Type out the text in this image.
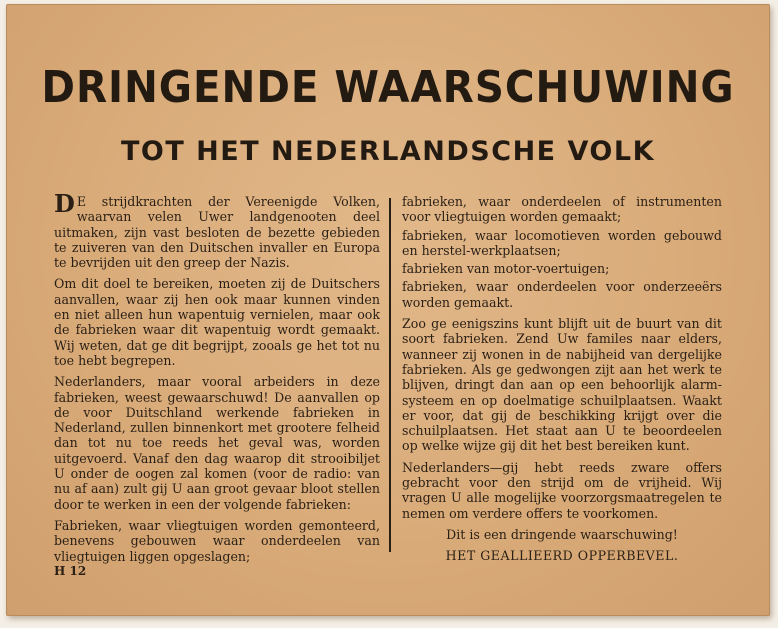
DRINGENDE WAARSCHUWING
TOT HET NEDERLANDSCHE VOLK

D E strijdkrachten der Vereenigde Volken, waarvan velen Uwer landgenooten deel uitmaken, zijn vast besloten de bezette gebieden te zuiveren van den Duitschen invaller en Europa te bevrijden uit den greep der Nazis.

Om dit doel te bereiken, moeten zij de Duitschers aanvallen, waar zij hen ook maar kunnen vinden en niet alleen hun wapentuig vernielen, maar ook de fabrieken waar dit wapentuig wordt gemaakt. Wij weten, dat ge dit begrijpt, zooals ge het tot nu toe hebt begrepen.

Nederlanders, maar vooral arbeiders in deze fabrieken, weest gewaarschuwd! De aanvallen op de voor Duitschland werkende fabrieken in Nederland, zullen binnenkort met grootere felheid dan tot nu toe reeds het geval was, worden uitgevoerd. Vanaf den dag waarop dit strooibiljet U onder de oogen zal komen (voor de radio: van nu af aan) zult gij U aan groot gevaar bloot stellen door te werken in een der volgende fabrieken:

Fabrieken, waar vliegtuigen worden gemonteerd, benevens gebouwen waar onderdeelen van vliegtuigen liggen opgeslagen;

fabrieken, waar onderdeelen of instrumenten voor vliegtuigen worden gemaakt;

fabrieken, waar locomotieven worden gebouwd en herstel-werkplaatsen;

fabrieken van motor-voertuigen;

fabrieken, waar onderdeelen voor onderzeeërs worden gemaakt.

Zoo ge eenigszins kunt blijft uit de buurt van dit soort fabrieken. Zend Uw familes naar elders, wanneer zij wonen in de nabijheid van dergelijke fabrieken. Als ge gedwongen zijt aan het werk te blijven, dringt dan aan op een behoorlijk alarm-systeem en op doelmatige schuilplaatsen. Waakt er voor, dat gij de beschikking krijgt over die schuilplaatsen. Het staat aan U te beoordeelen op welke wijze gij dit het best bereiken kunt.

Nederlanders—gij hebt reeds zware offers gebracht voor den strijd om de vrijheid. Wij vragen U alle mogelijke voorzorgsmaatregelen te nemen om verdere offers te voorkomen.

Dit is een dringende waarschuwing!

HET GEALLIEERD OPPERBEVEL.

H 12
